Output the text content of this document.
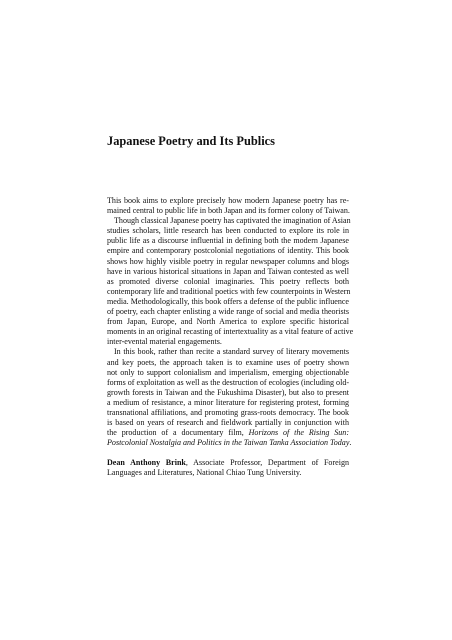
Japanese Poetry and Its Publics

This book aims to explore precisely how modern Japanese poetry has re-
mained central to public life in both Japan and its former colony of Taiwan.

Though classical Japanese poetry has captivated the imagination of Asian
studies scholars, little research has been conducted to explore its role in
public life as a discourse influential in defining both the modern Japanese
empire and contemporary postcolonial negotiations of identity. This book
shows how highly visible poetry in regular newspaper columns and blogs
have in various historical situations in Japan and Taiwan contested as well
as promoted diverse colonial imaginaries. This poetry reflects both
contemporary life and traditional poetics with few counterpoints in Western
media. Methodologically, this book offers a defense of the public influence
of poetry, each chapter enlisting a wide range of social and media theorists
from Japan, Europe, and North America to explore specific historical
moments in an original recasting of intertextuality as a vital feature of active
inter-evental material engagements.

In this book, rather than recite a standard survey of literary movements
and key poets, the approach taken is to examine uses of poetry shown
not only to support colonialism and imperialism, emerging objectionable
forms of exploitation as well as the destruction of ecologies (including old-
growth forests in Taiwan and the Fukushima Disaster), but also to present
a medium of resistance, a minor literature for registering protest, forming
transnational affiliations, and promoting grass-roots democracy. The book
is based on years of research and fieldwork partially in conjunction with
the production of a documentary film, Horizons of the Rising Sun:
Postcolonial Nostalgia and Politics in the Taiwan Tanka Association Today.

Dean Anthony Brink, Associate Professor, Department of Foreign
Languages and Literatures, National Chiao Tung University.
